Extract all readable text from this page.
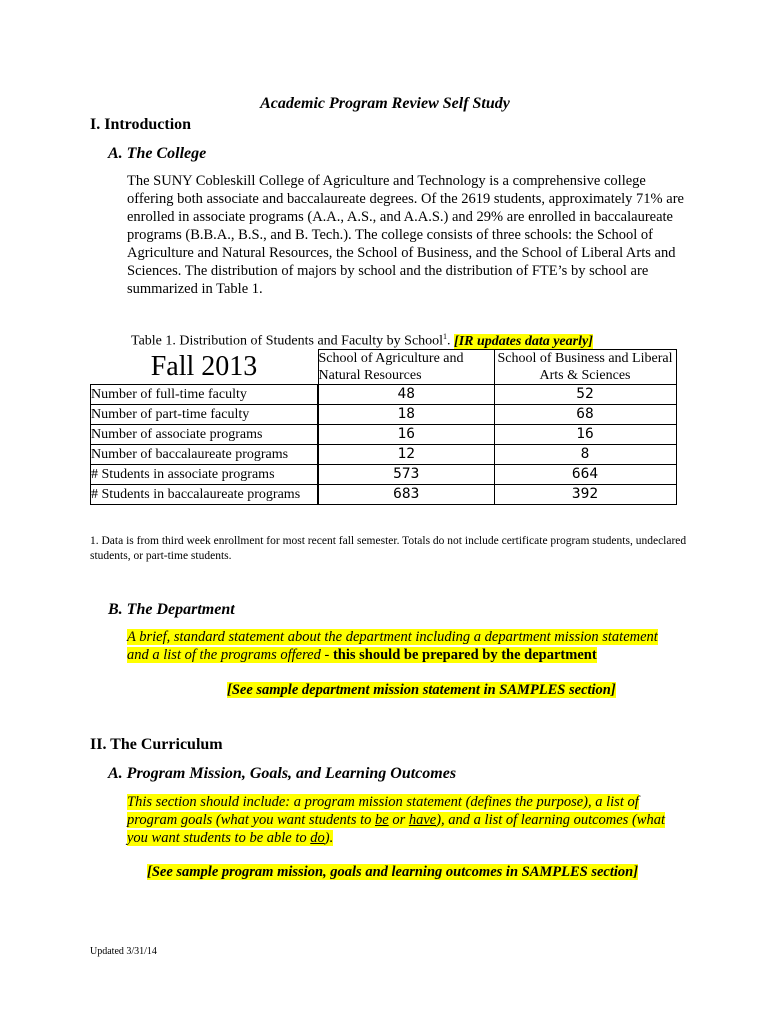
Academic Program Review Self Study
I. Introduction
A. The College
The SUNY Cobleskill College of Agriculture and Technology is a comprehensive college offering both associate and baccalaureate degrees. Of the 2619 students, approximately 71% are enrolled in associate programs (A.A., A.S., and A.A.S.) and 29% are enrolled in baccalaureate programs (B.B.A., B.S., and B. Tech.). The college consists of three schools: the School of Agriculture and Natural Resources, the School of Business, and the School of Liberal Arts and Sciences. The distribution of majors by school and the distribution of FTE’s by school are summarized in Table 1.
Table 1. Distribution of Students and Faculty by School$^1$. [IR updates data yearly]
Fall 2013	School of Agriculture and Natural Resources	School of Business and Liberal Arts & Sciences
Number of full-time faculty	48	52
Number of part-time faculty	18	68
Number of associate programs	16	16
Number of baccalaureate programs	12	8
# Students in associate programs	573	664
# Students in baccalaureate programs	683	392
1. Data is from third week enrollment for most recent fall semester. Totals do not include certificate program students, undeclared students, or part-time students.
B. The Department
A brief, standard statement about the department including a department mission statement and a list of the programs offered - this should be prepared by the department
[See sample department mission statement in SAMPLES section]
II. The Curriculum
A. Program Mission, Goals, and Learning Outcomes
This section should include: a program mission statement (defines the purpose), a list of program goals (what you want students to be or have), and a list of learning outcomes (what you want students to be able to do).
[See sample program mission, goals and learning outcomes in SAMPLES section]
Updated 3/31/14
